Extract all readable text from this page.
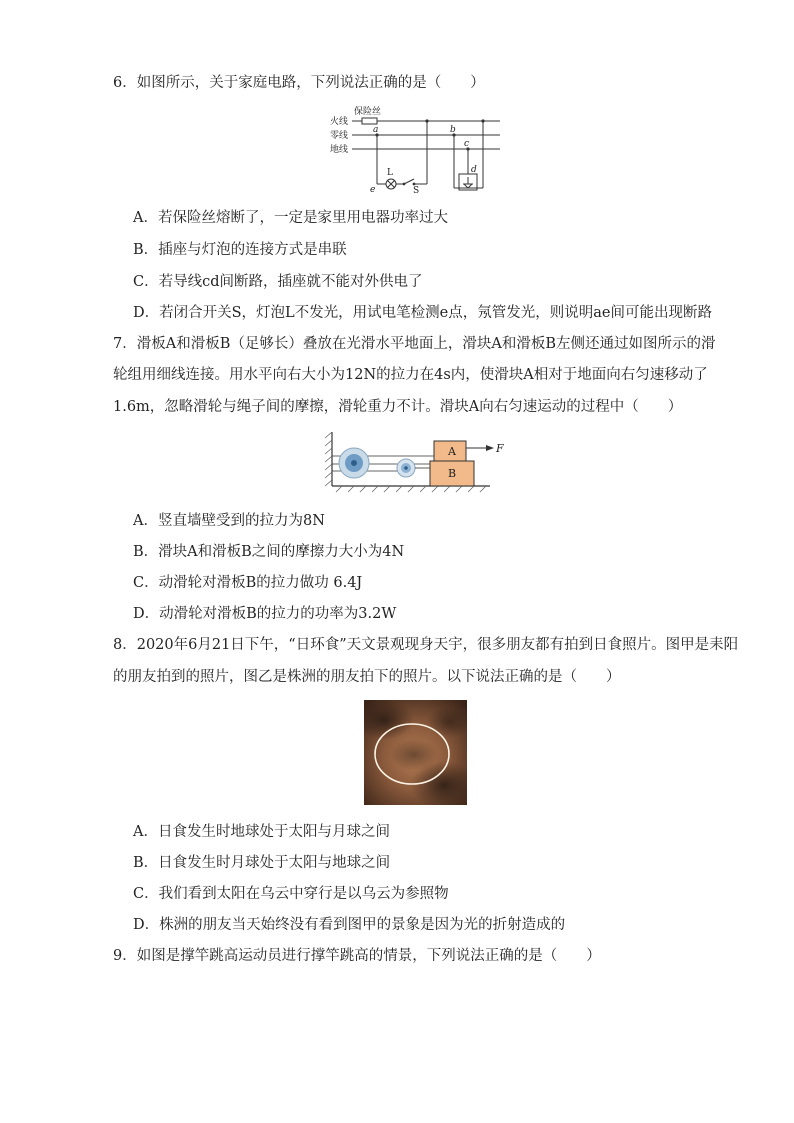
6．如图所示，关于家庭电路，下列说法正确的是（　　）
保险丝
火线
零线
地线
a	b
c
d
e
L
S
A．若保险丝熔断了，一定是家里用电器功率过大
B．插座与灯泡的连接方式是串联
C．若导线cd间断路，插座就不能对外供电了
D．若闭合开关S，灯泡L不发光，用试电笔检测e点，氖管发光，则说明ae间可能出现断路
7．滑板A和滑板B（足够长）叠放在光滑水平地面上，滑块A和滑板B左侧还通过如图所示的滑
轮组用细线连接。用水平向右大小为12N的拉力在4s内，使滑块A相对于地面向右匀速移动了
1.6m，忽略滑轮与绳子间的摩擦，滑轮重力不计。滑块A向右匀速运动的过程中（　　）
A
B
F
A．竖直墙壁受到的拉力为8N
B．滑块A和滑板B之间的摩擦力大小为4N
C．动滑轮对滑板B的拉力做功 6.4J
D．动滑轮对滑板B的拉力的功率为3.2W
8．2020年6月21日下午，“日环食”天文景观现身天宇，很多朋友都有拍到日食照片。图甲是耒阳
的朋友拍到的照片，图乙是株洲的朋友拍下的照片。以下说法正确的是（　　）
A．日食发生时地球处于太阳与月球之间
B．日食发生时月球处于太阳与地球之间
C．我们看到太阳在乌云中穿行是以乌云为参照物
D．株洲的朋友当天始终没有看到图甲的景象是因为光的折射造成的
9．如图是撑竿跳高运动员进行撑竿跳高的情景，下列说法正确的是（　　）
